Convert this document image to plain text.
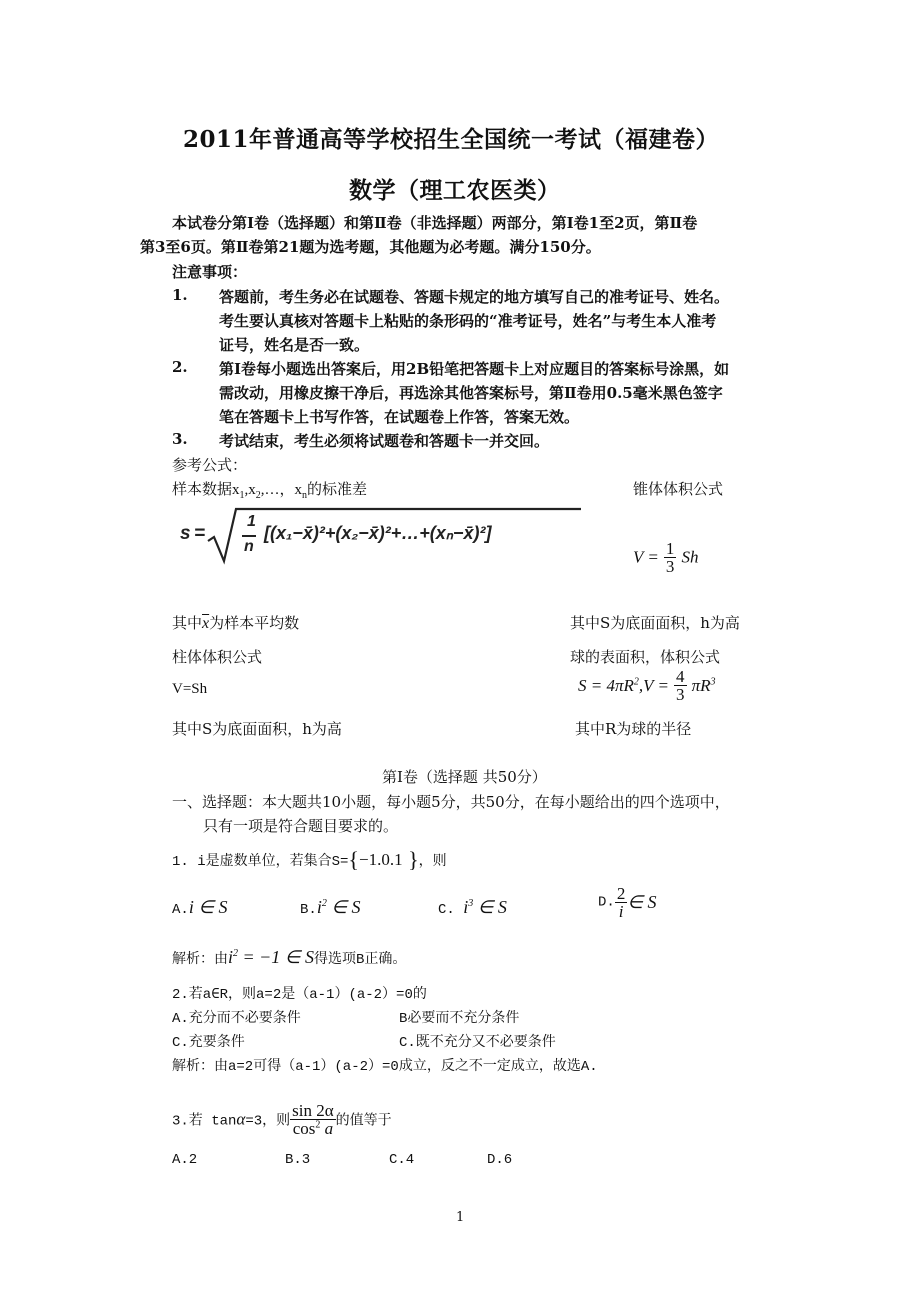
2011年普通高等学校招生全国统一考试（福建卷）
数学（理工农医类）
本试卷分第Ⅰ卷（选择题）和第Ⅱ卷（非选择题）两部分，第Ⅰ卷1至2页，第Ⅱ卷
第3至6页。第Ⅱ卷第21题为选考题，其他题为必考题。满分150分。
注意事项：
1. 答题前，考生务必在试题卷、答题卡规定的地方填写自己的准考证号、姓名。
考生要认真核对答题卡上粘贴的条形码的“准考证号，姓名”与考生本人准考
证号，姓名是否一致。
2. 第Ⅰ卷每小题选出答案后，用2B铅笔把答题卡上对应题目的答案标号涂黑，如
需改动，用橡皮擦干净后，再选涂其他答案标号，第Ⅱ卷用0.5毫米黑色签字
笔在答题卡上书写作答，在试题卷上作答，答案无效。
3. 考试结束，考生必须将试题卷和答题卡一并交回。
参考公式：
样本数据$x_1,x_2,\dots$，$x_n$的标准差	锥体体积公式
s =
1
n
[(x₁−x̄)²+(x₂−x̄)²+…+(xₙ−x̄)²]
$V = \frac{1}{3}$ Sh
其中$\overline{x}$为样本平均数	其中S为底面面积，h为高
柱体体积公式	球的表面积，体积公式
V=Sh	$S = 4\pi R^2,V = \frac{4}{3} \pi R^3$
其中S为底面面积，h为高	其中R为球的半径
第Ⅰ卷（选择题 共50分）
一、选择题：本大题共10小题，每小题5分，共50分，在每小题给出的四个选项中，
只有一项是符合题目要求的。
1. i是虚数单位，若集合S={−1.0.1 }，则
A.i ∈ S	$B.i^2$ ∈ S	C. $i^3$ ∈ S	D. $\frac{2}{i}$ ∈ S
解析：由$i^2 = -1$ ∈ S得选项B正确。
2.若a∈R，则a=2是（a-1）(a-2）=0的
A.充分而不必要条件	B必要而不充分条件
C.充要条件	C.既不充分又不必要条件
解析：由a=2可得（a-1）(a-2）=0成立，反之不一定成立，故选A.
3.若 tanα=3，则 $\frac{\sin 2\alpha}{\cos^2 a}$ 的值等于
A.2	B.3	C.4	D.6
1
